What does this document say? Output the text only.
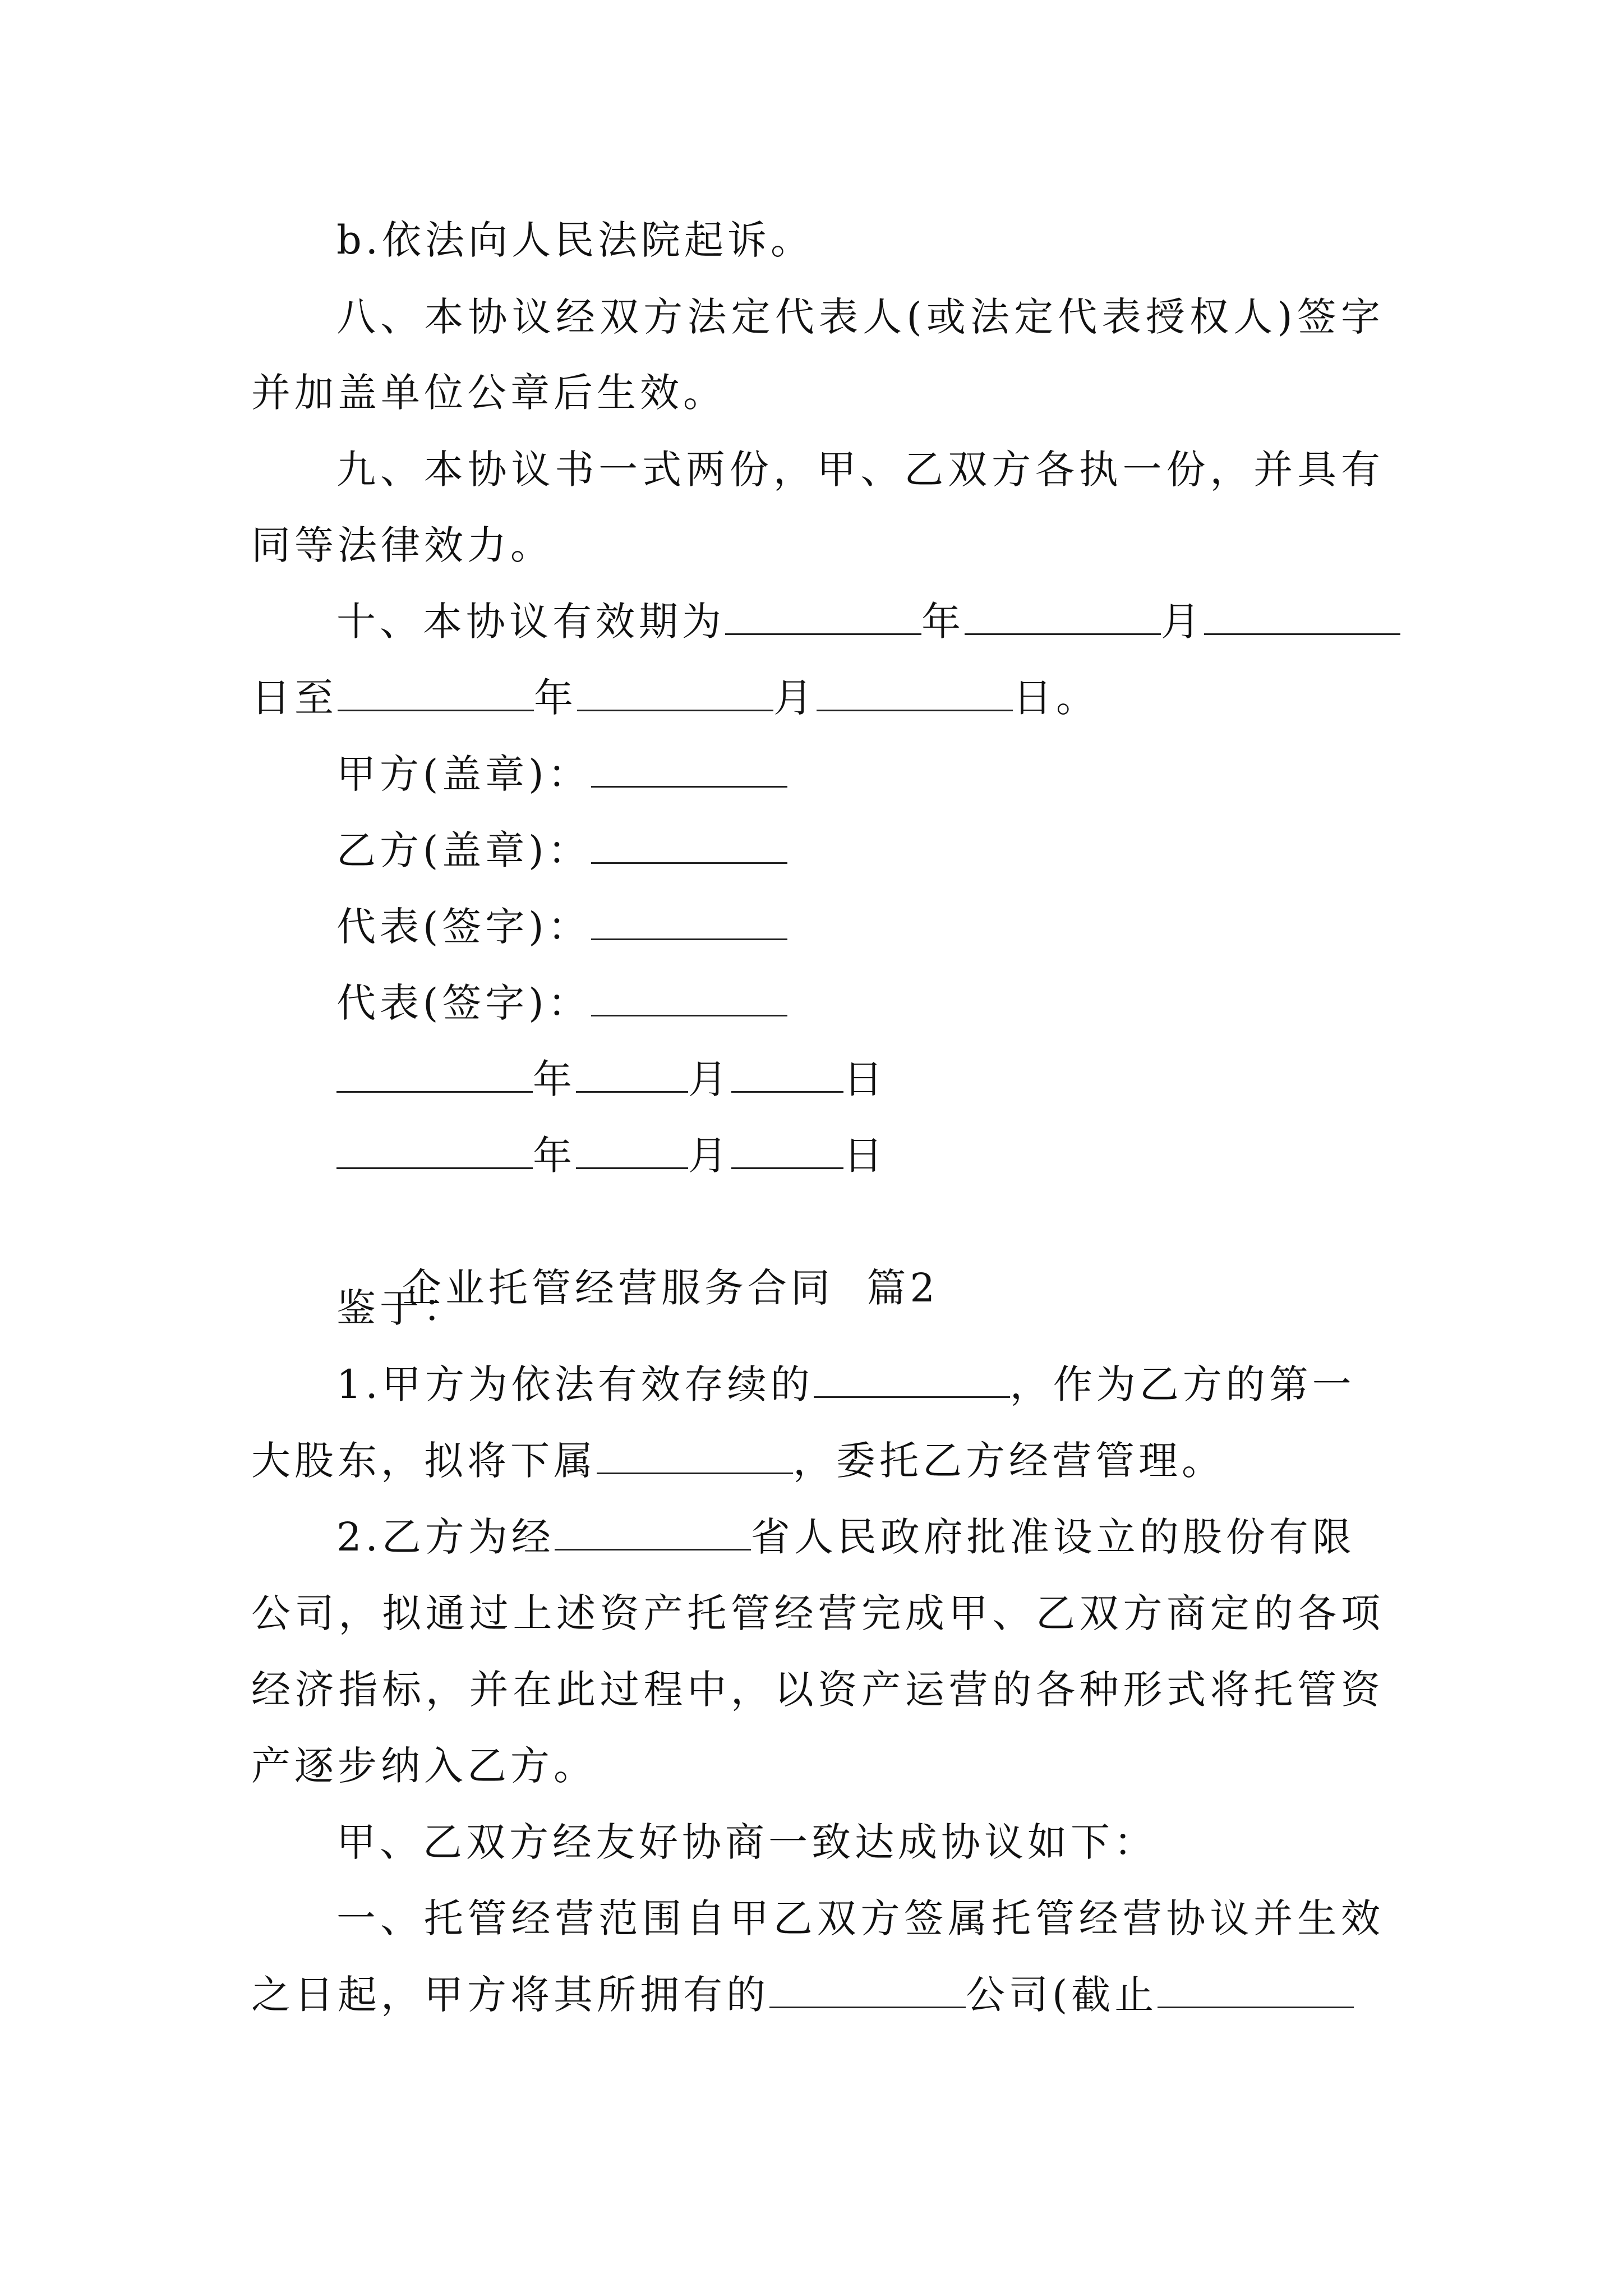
b.依法向人民法院起诉。
八、本协议经双方法定代表人(或法定代表授权人)签字
并加盖单位公章后生效。
九、本协议书一式两份，甲、乙双方各执一份，并具有
同等法律效力。
十、本协议有效期为	年	月
日至	年	月	日。
甲方(盖章)：
乙方(盖章)：
代表(签字)：
代表(签字)：
年	月	日
年	月	日

企业托管经营服务合同  篇2

鉴于：
1.甲方为依法有效存续的	，作为乙方的第一
大股东，拟将下属	，委托乙方经营管理。
2.乙方为经	省人民政府批准设立的股份有限
公司，拟通过上述资产托管经营完成甲、乙双方商定的各项
经济指标，并在此过程中，以资产运营的各种形式将托管资
产逐步纳入乙方。
甲、乙双方经友好协商一致达成协议如下：
一、托管经营范围自甲乙双方签属托管经营协议并生效
之日起，甲方将其所拥有的	公司(截止
